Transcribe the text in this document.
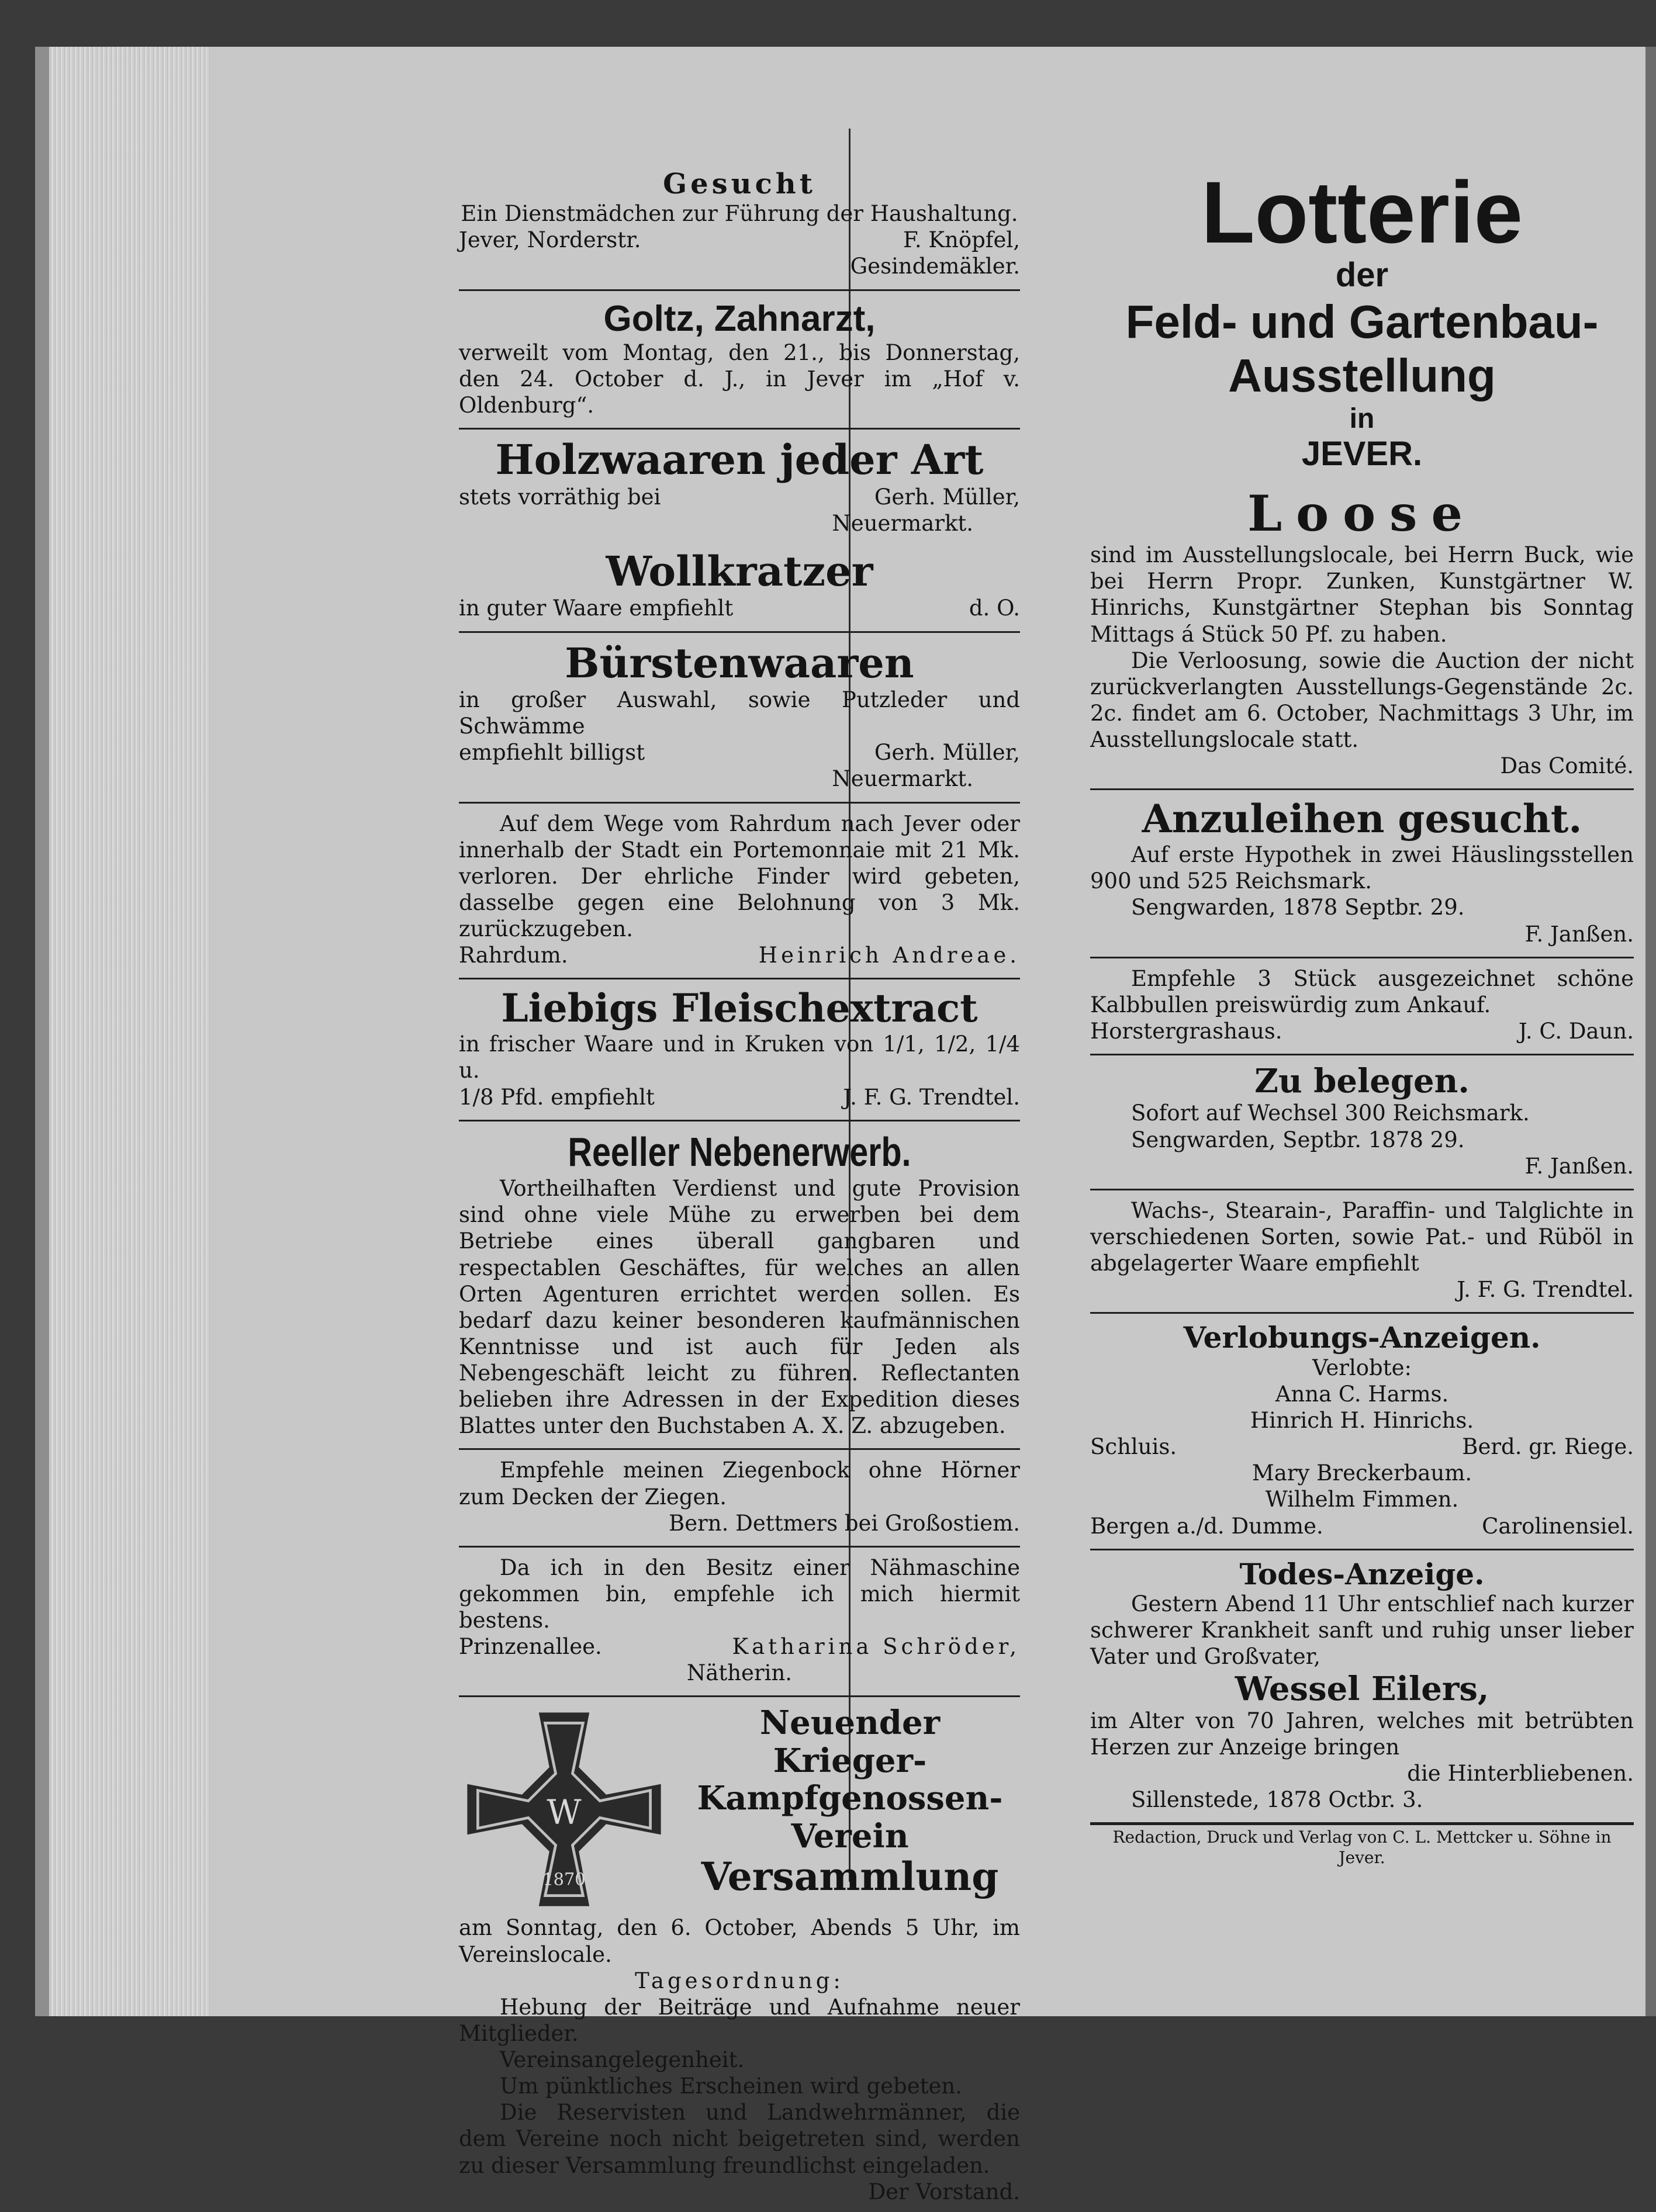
Gesucht

Ein Dienstmädchen zur Führung der Haushaltung.

Jever, Norderstr.	F. Knöpfel,

Gesindemäkler.

Goltz, Zahnarzt,

verweilt vom Montag, den 21., bis Donnerstag, den 24. October d. J., in Jever im „Hof v. Oldenburg“.

Holzwaaren jeder Art
stets vorräthig bei	Gerh. Müller,

Neuermarkt.

Wollkratzer
in guter Waare empfiehlt	d. O.
Bürstenwaaren

in großer Auswahl, sowie Putzleder und Schwämme

empfiehlt billigst	Gerh. Müller,

Neuermarkt.

Auf dem Wege vom Rahrdum nach Jever oder innerhalb der Stadt ein Portemonnaie mit 21 Mk. verloren. Der ehrliche Finder wird gebeten, dasselbe gegen eine Belohnung von 3 Mk. zurückzugeben.

Rahrdum.	Heinrich Andreae.
Liebigs Fleischextract

in frischer Waare und in Kruken von 1/1, 1/2, 1/4 u.

1/8 Pfd. empfiehlt	J. F. G. Trendtel.
Reeller Nebenerwerb.

Vortheilhaften Verdienst und gute Provision sind ohne viele Mühe zu erwerben bei dem Betriebe eines überall gangbaren und respectablen Geschäftes, für welches an allen Orten Agenturen errichtet werden sollen. Es bedarf dazu keiner besonderen kaufmännischen Kenntnisse und ist auch für Jeden als Nebengeschäft leicht zu führen. Reflectanten belieben ihre Adressen in der Expedition dieses Blattes unter den Buchstaben A. X. Z. abzugeben.

Empfehle meinen Ziegenbock ohne Hörner zum Decken der Ziegen.

Bern. Dettmers bei Großostiem.

Da ich in den Besitz einer Nähmaschine gekommen bin, empfehle ich mich hiermit bestens.

Prinzenallee.	Katharina Schröder,

Nätherin.

W
1870
Neuender Krieger-
Kampfgenossen-Verein
Versammlung

am Sonntag, den 6. October, Abends 5 Uhr, im Vereinslocale.

Tagesordnung:

Hebung der Beiträge und Aufnahme neuer Mitglieder.

Vereinsangelegenheit.

Um pünktliches Erscheinen wird gebeten.

Die Reservisten und Landwehrmänner, die dem Vereine noch nicht beigetreten sind, werden zu dieser Versammlung freundlichst eingeladen.

Der Vorstand.

Lotterie
der
Feld- und Gartenbau-
Ausstellung
in
JEVER.
Loose

sind im Ausstellungslocale, bei Herrn Buck, wie bei Herrn Propr. Zunken, Kunstgärtner W. Hinrichs, Kunstgärtner Stephan bis Sonntag Mittags á Stück 50 Pf. zu haben.

Die Verloosung, sowie die Auction der nicht zurückverlangten Ausstellungs-Gegenstände 2c. 2c. findet am 6. October, Nachmittags 3 Uhr, im Ausstellungslocale statt.

Das Comité.

Anzuleihen gesucht.

Auf erste Hypothek in zwei Häuslingsstellen 900 und 525 Reichsmark.

Sengwarden, 1878 Septbr. 29.

F. Janßen.

Empfehle 3 Stück ausgezeichnet schöne Kalbbullen preiswürdig zum Ankauf.

Horstergrashaus.	J. C. Daun.
Zu belegen.

Sofort auf Wechsel 300 Reichsmark.

Sengwarden, Septbr. 1878 29.

F. Janßen.

Wachs-, Stearain-, Paraffin- und Talglichte in verschiedenen Sorten, sowie Pat.- und Rüböl in abgelagerter Waare empfiehlt

J. F. G. Trendtel.

Verlobungs-Anzeigen.

Verlobte:

Anna C. Harms.

Hinrich H. Hinrichs.

Schluis.	Berd. gr. Riege.

Mary Breckerbaum.

Wilhelm Fimmen.

Bergen a./d. Dumme.	Carolinensiel.
Todes-Anzeige.

Gestern Abend 11 Uhr entschlief nach kurzer schwerer Krankheit sanft und ruhig unser lieber Vater und Großvater,

Wessel Eilers,

im Alter von 70 Jahren, welches mit betrübten Herzen zur Anzeige bringen

die Hinterbliebenen.

Sillenstede, 1878 Octbr. 3.

Redaction, Druck und Verlag von C. L. Mettcker u. Söhne in Jever.
